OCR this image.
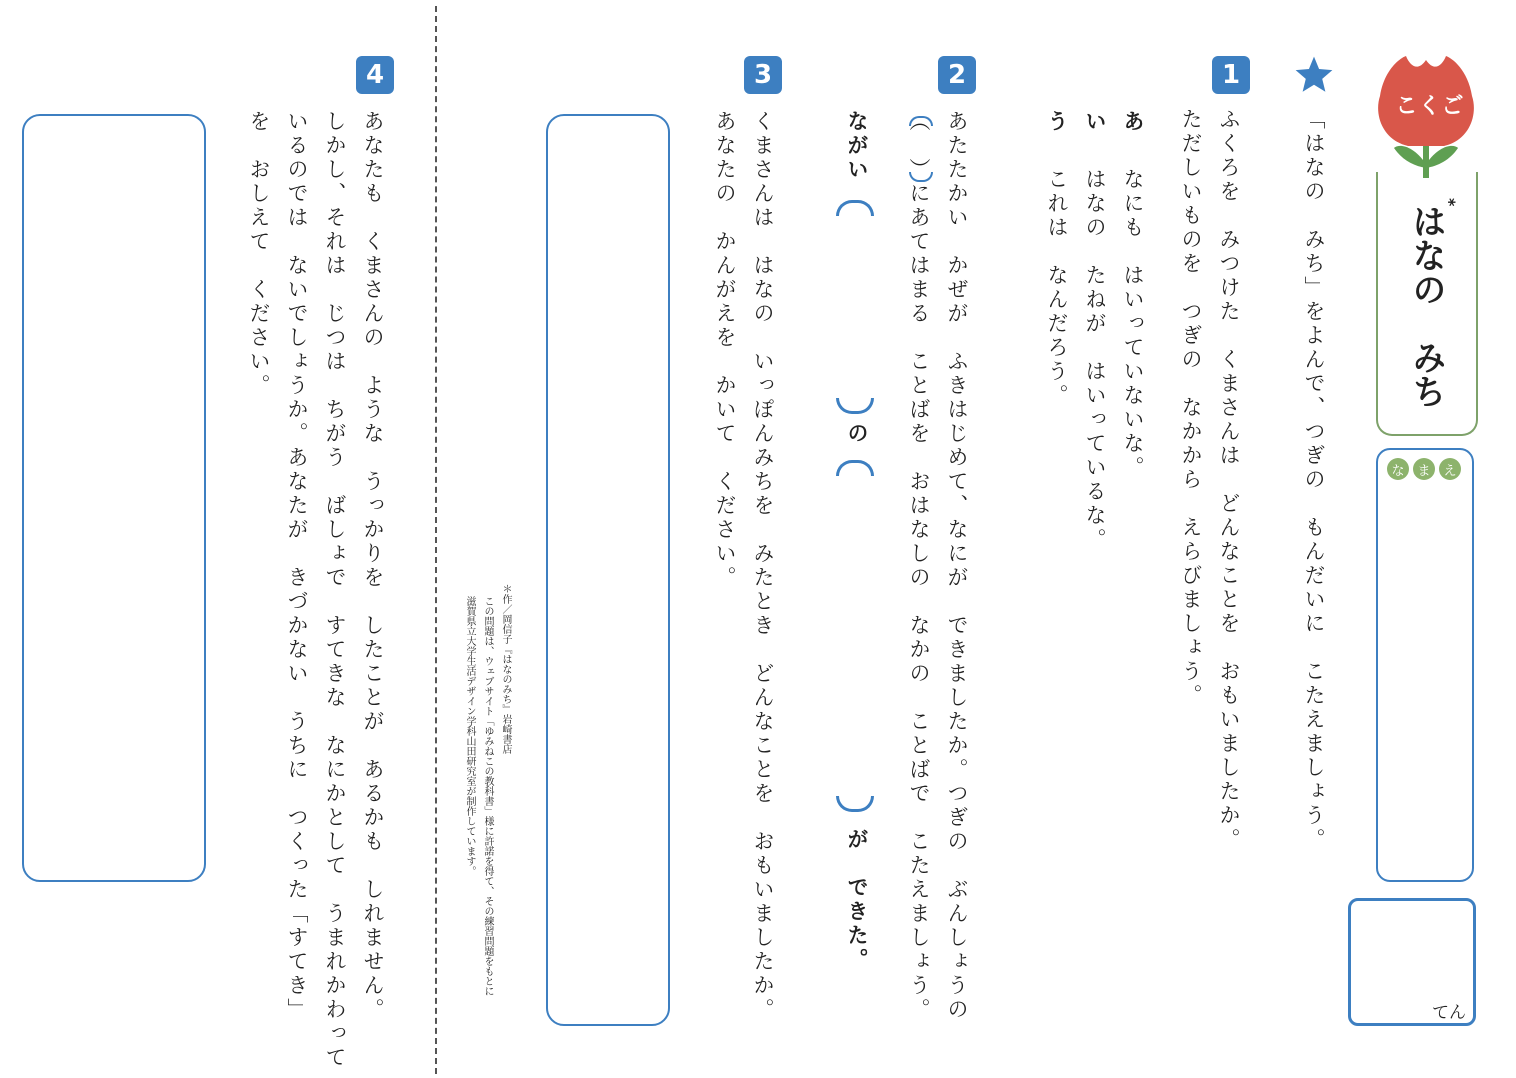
こくご
*
はなの　みち
な ま え
てん
「はなの　みち」をよんで、つぎの　もんだいに　こたえましょう。
1
ふくろを　みつけた　くまさんは　どんなことを　おもいましたか。
ただしいものを　つぎの　なかから　えらびましょう。
あ
なにも　はいっていないな。
い
はなの　たねが　はいっているな。
う
これは　なんだろう。
2
あたたかい　かぜが　ふきはじめて、なにが　できましたか。つぎの　ぶんしょうの
（　）にあてはまる　ことばを　おはなしの　なかの　ことばで　こたえましょう。
ながい
の
が　できた。
3
くまさんは　はなの　いっぽんみちを　みたとき　どんなことを　おもいましたか。
あなたの　かんがえを　かいて　ください。
＊作／岡信子『はなのみち』岩崎書店
この問題は、ウェブサイト「ゆみねこの教科書」様に許諾を得て、その練習問題をもとに
滋賀県立大学生活デザイン学科山田研究室が制作しています。
4
あなたも　くまさんの　ような　うっかりを　したことが　あるかも　しれません。
しかし、それは　じつは　ちがう　ばしょで　すてきな　なにかとして　うまれかわって
いるのでは　ないでしょうか。あなたが　きづかない　うちに　つくった「すてき」
を　おしえて　ください。
